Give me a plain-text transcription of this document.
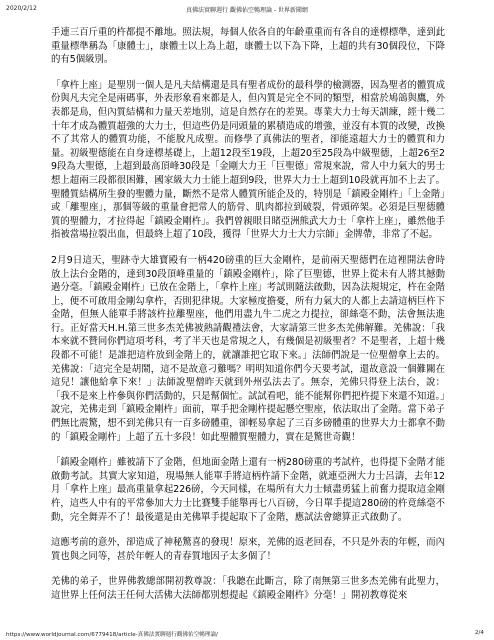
2020/2/12	真佛法實聊週行 觀佛佑空暢理論 - 世界新聞網

手連三百斤重的杵都提不離地。照法規，每個人依各自的年齡重重而有各自的達標標準，達到此重量標準稱為「康體士」，康體士以上為上超，康體士以下為下降，上超的共有30個段位，下降的有5個級別。

「拿杵上座」是聖別一個人是凡夫結構還是具有聖者成份的最科學的檢測器，因為聖者的體質成份與凡夫完全是兩碼事，外表形象看來都是人，但內質是完全不同的類型，相當於鳩鴿與鷹，外表都是鳥，但內質結構和力量天差地別，這是自然存在的差異。專業大力士每天訓練，經十幾二十年才成為體質超強的大力士，但這些仍是同頭量的累積造成的增強，並沒有本質的改變，改換不了其常人的體質功能，不能脫凡成聖。而修學了真佛法的聖者，卻能遠超大力士的體質和力量。初級聖德能在自身達標基礎上，上超12段至19段，上超20至25段為中級聖德，上超26至29段為大聖德，上超到最高頂峰30段是「金剛大力王「巨聖德」常規來說，常人中力氣大的男士想上超兩三段都很困難，國家級大力士能上超到9段，世界大力士上超到10段就再加不上去了。聖體質結構所生發的聖體力量，斷然不是常人體質所能企及的，特別是「鎮殿金剛杵」「上金階」或「離聖座」，那個等級的重量會把常人的筋骨、肌肉都拉到破裂，骨頭碎架。必須是巨聖德體質的聖體力，才拉得起「鎮殿金剛杵」。我們曾親眼目睹亞洲熊武大力士「拿杵上座」，雖然他手指被當場拉裂出血，但最終上超了10段，獲得「世界大力士大力宗師」金牌帶，非常了不起。

2月9日這天，聖跡寺大雄寶殿有一柄420磅重的巨大金剛杵，是前兩天聖德們在這裡開法會時放上法台金階的，達到30段頂峰重量的「鎮殿金剛杵」，除了巨聖德，世界上從未有人將其撼動過分毫。「鎮殿金剛杵」已放在金階上，「拿杵上座」考試則隨法啟動，因為法規規定，杵在金階上，便不可啟用金剛勾拿杵，否則犯律規。大家極度擔憂，所有力氣大的人都上去請這柄巨杵下金階，但無人能單手將該杵拉離聖座，他們用盡九牛二虎之力提拉，卻絲毫不動，法會無法進行。正好當天H.H.第三世多杰羌佛被熱請觀禮法會，大家請第三世多杰羌佛解難。羌佛說：「我本來就不贊同你們這項考科，考了半天也是常規之人，有幾個是初級聖者？不是聖者，上超十幾段都不可能！是誰把這杵放到金階上的，就讓誰把它取下來。」法師們說是一位聖僧拿上去的。羌佛說：「這完全是胡鬧，這不是故意刁難嗎？明明知道你們今天要考試，還故意設一個難關在這兒！讓他給拿下來！」法師說聖僧昨天就到外州弘法去了。無奈，羌佛只得登上法台，說：「我不是來上杵參與你們活動的，只是幫個忙。試試看吧，能不能幫你們把杵提下來還不知道。」說完，羌佛走到「鎮殿金剛杵」面前，單手把金剛杵提起懸空聖座，依法取出了金階。當下弟子們無比震驚，想不到羌佛只有一百多磅體重，卻輕易拿起了三百多磅體重的世界大力士都拿不動的「鎮殿金剛杵」上超了五十多段！如此聖體質聖體力，實在是驚世奇觀！

「鎮殿金剛杵」雖被請下了金階，但地面金階上還有一柄280磅重的考試杵，也得提下金階才能啟動考試。其實大家知道，現場無人能單手將這柄杵請下金階，就連亞洲大力士呂濤，去年12月「拿杵上座」最高重量拿起226磅，今天同樣，在場所有大力士傾盡勇猛上前奮力提取這金剛杵，這些人中有的平常參加大力士比賽雙手能舉再七八百磅，今日單手提這280磅的杵竟絲毫不動，完全舞弄不了！最後還是由羌佛單手提起取下了金階，應試法會總算正式啟動了。

這應考前的意外，卻造成了神秘驚喜的發現！原來，羌佛的返老回春，不只是外表的年輕，而內質也與之同等，甚於年輕人的青春質地因子太多個了！

羌佛的弟子，世界佛教總部開初教尊說：「我聽在此斷言，除了南無第三世多杰羌佛有此聖力，這世界上任何法王任何大活佛大法師都別想提起《鎮殿金剛杵》分毫！」開初教尊從來

https://www.worldjournal.com/6779418/article-真佛法實聊週行觀佛佑空暢理論/	2/4
